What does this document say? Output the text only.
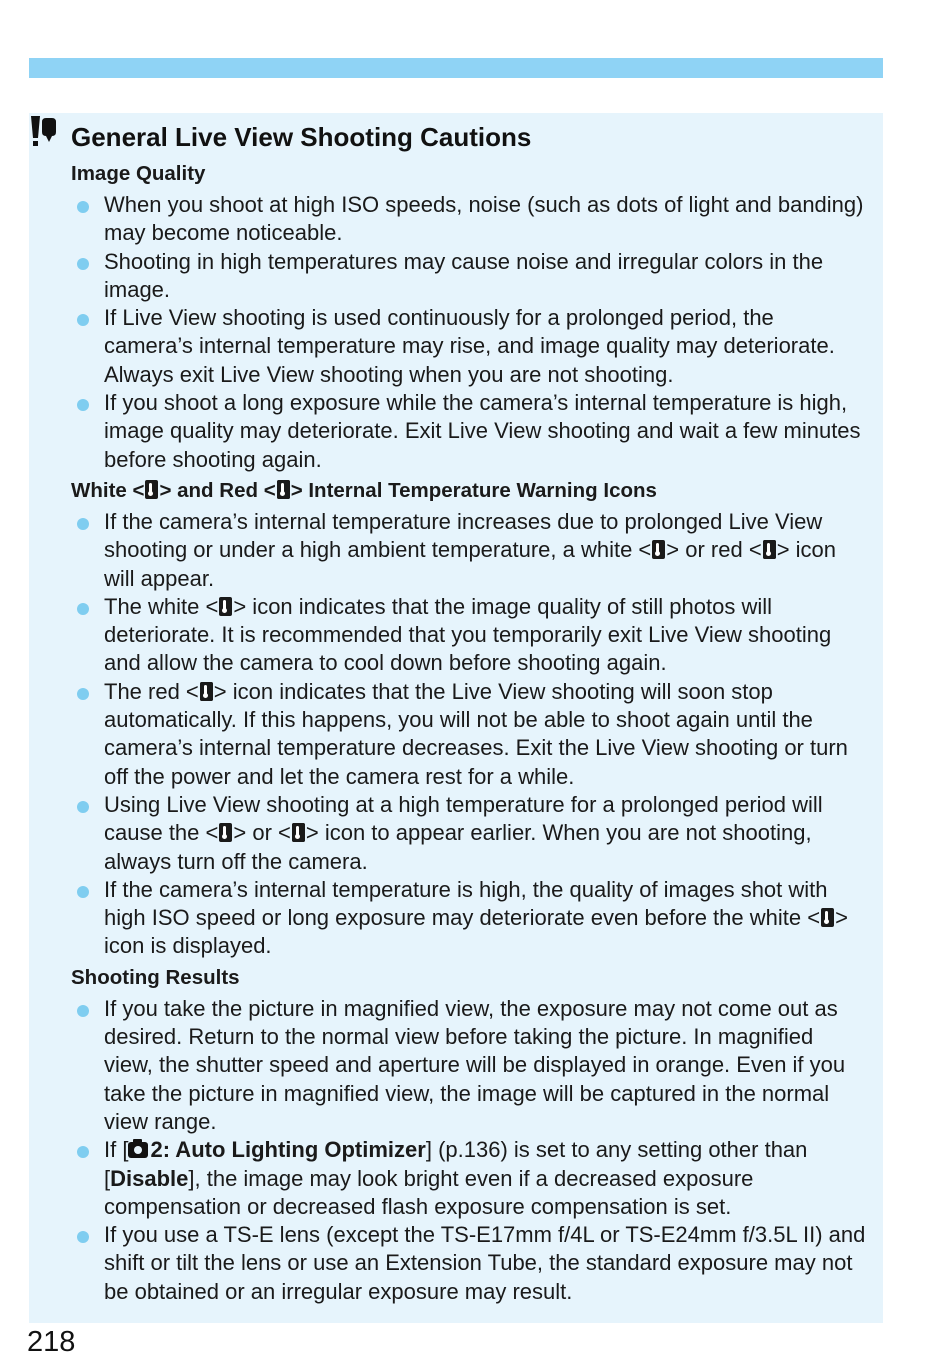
General Live View Shooting Cautions
Image Quality
When you shoot at high ISO speeds, noise (such as dots of light and banding) may become noticeable.
Shooting in high temperatures may cause noise and irregular colors in the image.
If Live View shooting is used continuously for a prolonged period, the camera’s internal temperature may rise, and image quality may deteriorate. Always exit Live View shooting when you are not shooting.
If you shoot a long exposure while the camera’s internal temperature is high, image quality may deteriorate. Exit Live View shooting and wait a few minutes before shooting again.
White < > and Red < > Internal Temperature Warning Icons
If the camera’s internal temperature increases due to prolonged Live View shooting or under a high ambient temperature, a white < > or red < > icon will appear.
The white < > icon indicates that the image quality of still photos will deteriorate. It is recommended that you temporarily exit Live View shooting and allow the camera to cool down before shooting again.
The red < > icon indicates that the Live View shooting will soon stop automatically. If this happens, you will not be able to shoot again until the camera’s internal temperature decreases. Exit the Live View shooting or turn off the power and let the camera rest for a while.
Using Live View shooting at a high temperature for a prolonged period will cause the < > or < > icon to appear earlier. When you are not shooting, always turn off the camera.
If the camera’s internal temperature is high, the quality of images shot with high ISO speed or long exposure may deteriorate even before the white < > icon is displayed.
Shooting Results
If you take the picture in magnified view, the exposure may not come out as desired. Return to the normal view before taking the picture. In magnified view, the shutter speed and aperture will be displayed in orange. Even if you take the picture in magnified view, the image will be captured in the normal view range.
If [ 2: Auto Lighting Optimizer] (p.136) is set to any setting other than [Disable], the image may look bright even if a decreased exposure compensation or decreased flash exposure compensation is set.
If you use a TS-E lens (except the TS-E17mm f/4L or TS-E24mm f/3.5L II) and shift or tilt the lens or use an Extension Tube, the standard exposure may not be obtained or an irregular exposure may result.
218
